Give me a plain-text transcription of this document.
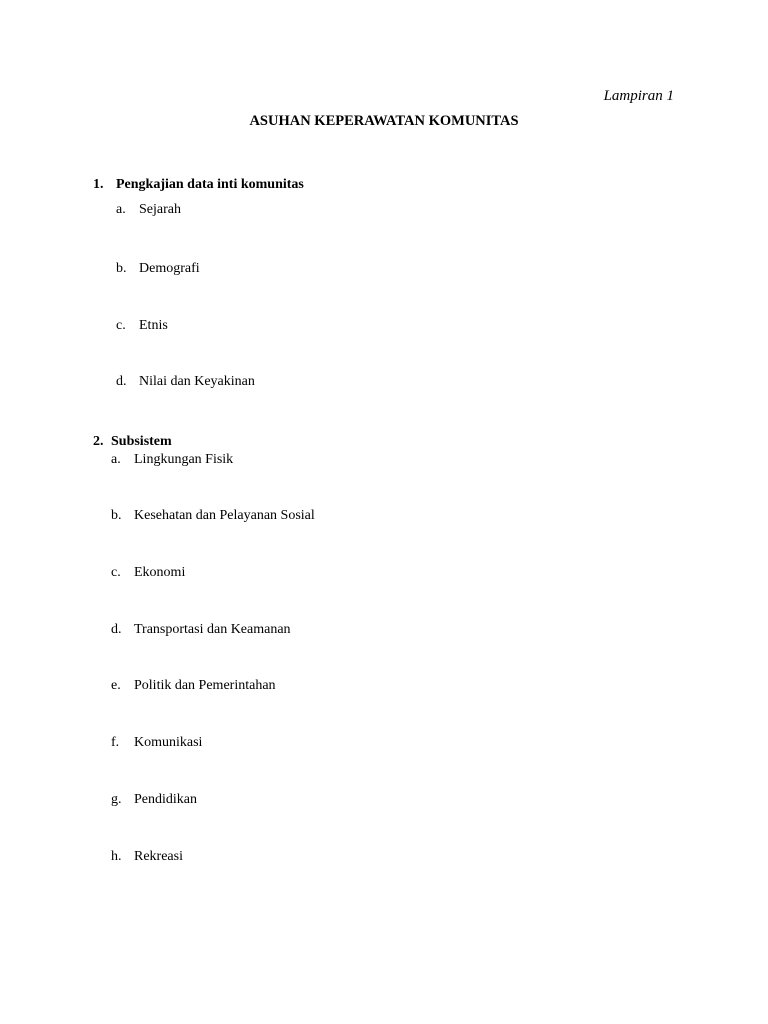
Lampiran 1
ASUHAN KEPERAWATAN KOMUNITAS
1. Pengkajian data inti komunitas
a. Sejarah
b. Demografi
c. Etnis
d. Nilai dan Keyakinan
2. Subsistem
a. Lingkungan Fisik
b. Kesehatan dan Pelayanan Sosial
c. Ekonomi
d. Transportasi dan Keamanan
e. Politik dan Pemerintahan
f. Komunikasi
g. Pendidikan
h. Rekreasi
